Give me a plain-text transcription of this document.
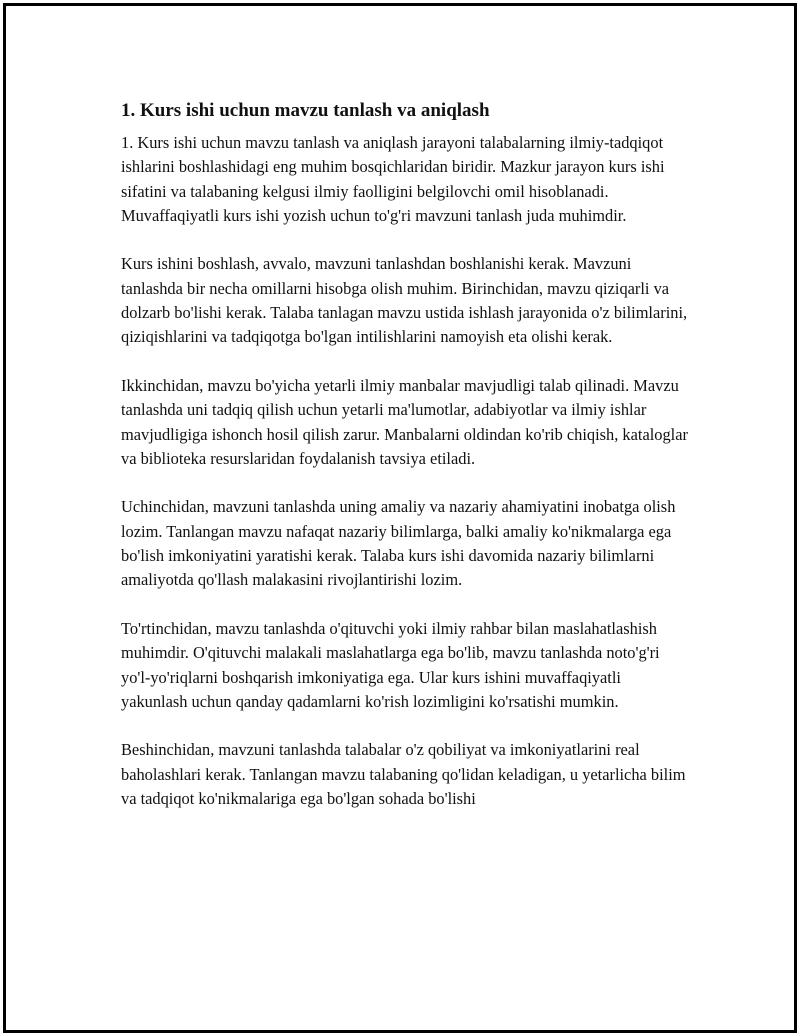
1. Kurs ishi uchun mavzu tanlash va aniqlash

1. Kurs ishi uchun mavzu tanlash va aniqlash jarayoni talabalarning ilmiy-tadqiqot ishlarini boshlashidagi eng muhim bosqichlaridan biridir. Mazkur jarayon kurs ishi sifatini va talabaning kelgusi ilmiy faolligini belgilovchi omil hisoblanadi. Muvaffaqiyatli kurs ishi yozish uchun to'g'ri mavzuni tanlash juda muhimdir.

Kurs ishini boshlash, avvalo, mavzuni tanlashdan boshlanishi kerak. Mavzuni tanlashda bir necha omillarni hisobga olish muhim. Birinchidan, mavzu qiziqarli va dolzarb bo'lishi kerak. Talaba tanlagan mavzu ustida ishlash jarayonida o'z bilimlarini, qiziqishlarini va tadqiqotga bo'lgan intilishlarini namoyish eta olishi kerak.

Ikkinchidan, mavzu bo'yicha yetarli ilmiy manbalar mavjudligi talab qilinadi. Mavzu tanlashda uni tadqiq qilish uchun yetarli ma'lumotlar, adabiyotlar va ilmiy ishlar mavjudligiga ishonch hosil qilish zarur. Manbalarni oldindan ko'rib chiqish, kataloglar va biblioteka resurslaridan foydalanish tavsiya etiladi.

Uchinchidan, mavzuni tanlashda uning amaliy va nazariy ahamiyatini inobatga olish lozim. Tanlangan mavzu nafaqat nazariy bilimlarga, balki amaliy ko'nikmalarga ega bo'lish imkoniyatini yaratishi kerak. Talaba kurs ishi davomida nazariy bilimlarni amaliyotda qo'llash malakasini rivojlantirishi lozim.

To'rtinchidan, mavzu tanlashda o'qituvchi yoki ilmiy rahbar bilan maslahatlashish muhimdir. O'qituvchi malakali maslahatlarga ega bo'lib, mavzu tanlashda noto'g'ri yo'l-yo'riqlarni boshqarish imkoniyatiga ega. Ular kurs ishini muvaffaqiyatli yakunlash uchun qanday qadamlarni ko'rish lozimligini ko'rsatishi mumkin.

Beshinchidan, mavzuni tanlashda talabalar o'z qobiliyat va imkoniyatlarini real baholashlari kerak. Tanlangan mavzu talabaning qo'lidan keladigan, u yetarlicha bilim va tadqiqot ko'nikmalariga ega bo'lgan sohada bo'lishi
